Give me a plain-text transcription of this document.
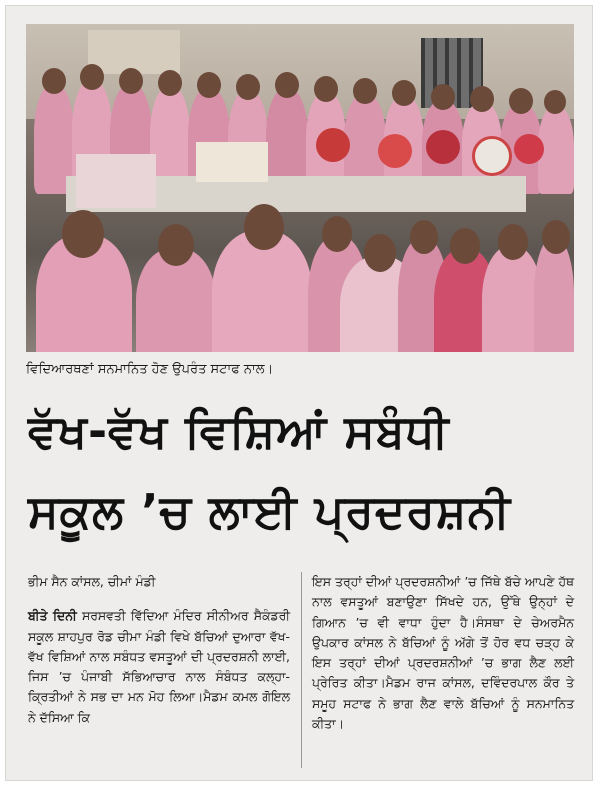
ਵਿਦਿਆਰਥਣਾਂ ਸਨਮਾਨਿਤ ਹੋਣ ਉਪਰੰਤ ਸਟਾਫ ਨਾਲ।
ਵੱਖ-ਵੱਖ ਵਿਸ਼ਿਆਂ ਸਬੰਧੀ
ਸਕੂਲ ’ਚ ਲਾਈ ਪ੍ਰਦਰਸ਼ਨੀ
ਭੀਮ ਸੈਨ ਕਾਂਸਲ, ਚੀਮਾਂ ਮੰਡੀ
ਬੀਤੇ ਦਿਨੀ ਸਰਸਵਤੀ ਵਿੱਦਿਆ ਮੰਦਿਰ ਸੀਨੀਅਰ ਸੈਕੰਡਰੀ ਸਕੂਲ ਸ਼ਾਹਪੁਰ ਰੋਡ ਚੀਮਾ ਮੰਡੀ ਵਿਖੇ ਬੱਚਿਆਂ ਦੁਆਰਾ ਵੱਖ-ਵੱਖ ਵਿਸ਼ਿਆਂ ਨਾਲ ਸਬੰਧਤ ਵਸਤੂਆਂ ਦੀ ਪ੍ਰਦਰਸ਼ਨੀ ਲਾਈ, ਜਿਸ ’ਚ ਪੰਜਾਬੀ ਸੱਭਿਆਚਾਰ ਨਾਲ ਸੰਬੰਧਤ ਕਲ੍ਹਾ-ਕ੍ਰਿਤੀਆਂ ਨੇ ਸਭ ਦਾ ਮਨ ਮੋਹ ਲਿਆ।ਮੈਡਮ ਕਮਲ ਗੋਇਲ ਨੇ ਦੱਸਿਆ ਕਿ
ਇਸ ਤਰ੍ਹਾਂ ਦੀਆਂ ਪ੍ਰਦਰਸ਼ਨੀਆਂ ’ਚ ਜਿੱਥੇ ਬੱਚੇ ਆਪਣੇ ਹੱਥ ਨਾਲ ਵਸਤੂਆਂ ਬਣਾਉਣਾ ਸਿੱਖਦੇ ਹਨ, ਉੱਥੇ ਉਨ੍ਹਾਂ ਦੇ ਗਿਆਨ ’ਚ ਵੀ ਵਾਧਾ ਹੁੰਦਾ ਹੈ।ਸੰਸਥਾ ਦੇ ਚੇਅਰਮੈਨ ਉਪਕਾਰ ਕਾਂਸਲ ਨੇ ਬੱਚਿਆਂ ਨੂੰ ਅੱਗੇ ਤੋਂ ਹੋਰ ਵਧ ਚੜ੍ਹ ਕੇ ਇਸ ਤਰ੍ਹਾਂ ਦੀਆਂ ਪ੍ਰਦਰਸ਼ਨੀਆਂ ’ਚ ਭਾਗ ਲੈਣ ਲਈ ਪ੍ਰੇਰਿਤ ਕੀਤਾ।ਮੈਡਮ ਰਾਜ ਕਾਂਸਲ, ਦਵਿੰਦਰਪਾਲ ਕੌਰ ਤੇ ਸਮੂਹ ਸਟਾਫ ਨੇ ਭਾਗ ਲੈਣ ਵਾਲੇ ਬੱਚਿਆਂ ਨੂੰ ਸਨਮਾਨਿਤ ਕੀਤਾ।
